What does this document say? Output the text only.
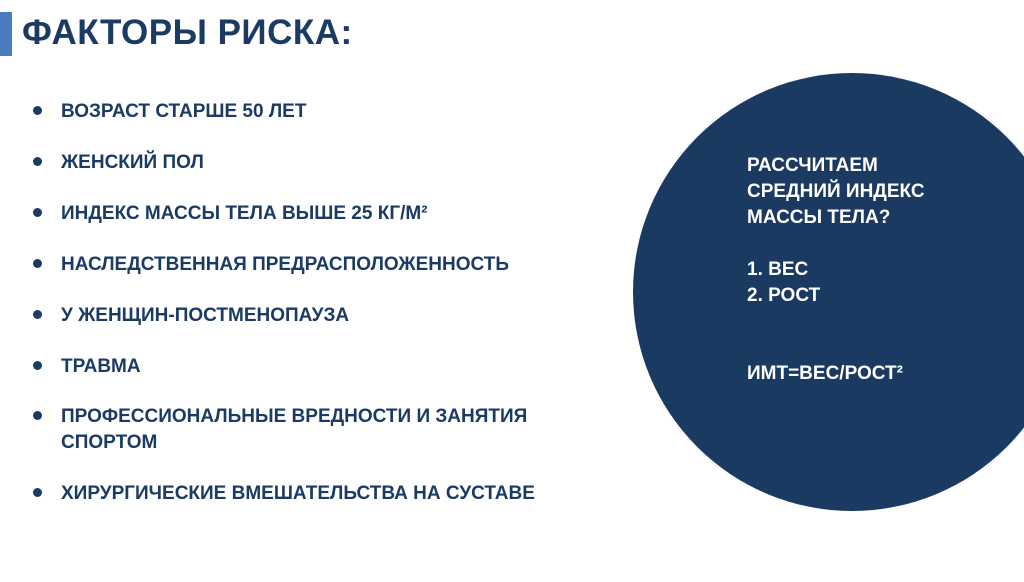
ФАКТОРЫ РИСКА:
ВОЗРАСТ СТАРШЕ 50 ЛЕТ
ЖЕНСКИЙ ПОЛ
ИНДЕКС МАССЫ ТЕЛА ВЫШЕ 25 КГ/М²
НАСЛЕДСТВЕННАЯ ПРЕДРАСПОЛОЖЕННОСТЬ
У ЖЕНЩИН-ПОСТМЕНОПАУЗА
ТРАВМА
ПРОФЕССИОНАЛЬНЫЕ ВРЕДНОСТИ И ЗАНЯТИЯ
СПОРТОМ
ХИРУРГИЧЕСКИЕ ВМЕШАТЕЛЬСТВА НА СУСТАВЕ
РАССЧИТАЕМ
СРЕДНИЙ ИНДЕКС
МАССЫ ТЕЛА?
1. ВЕС
2. РОСТ
ИМТ=ВЕС/РОСТ²
